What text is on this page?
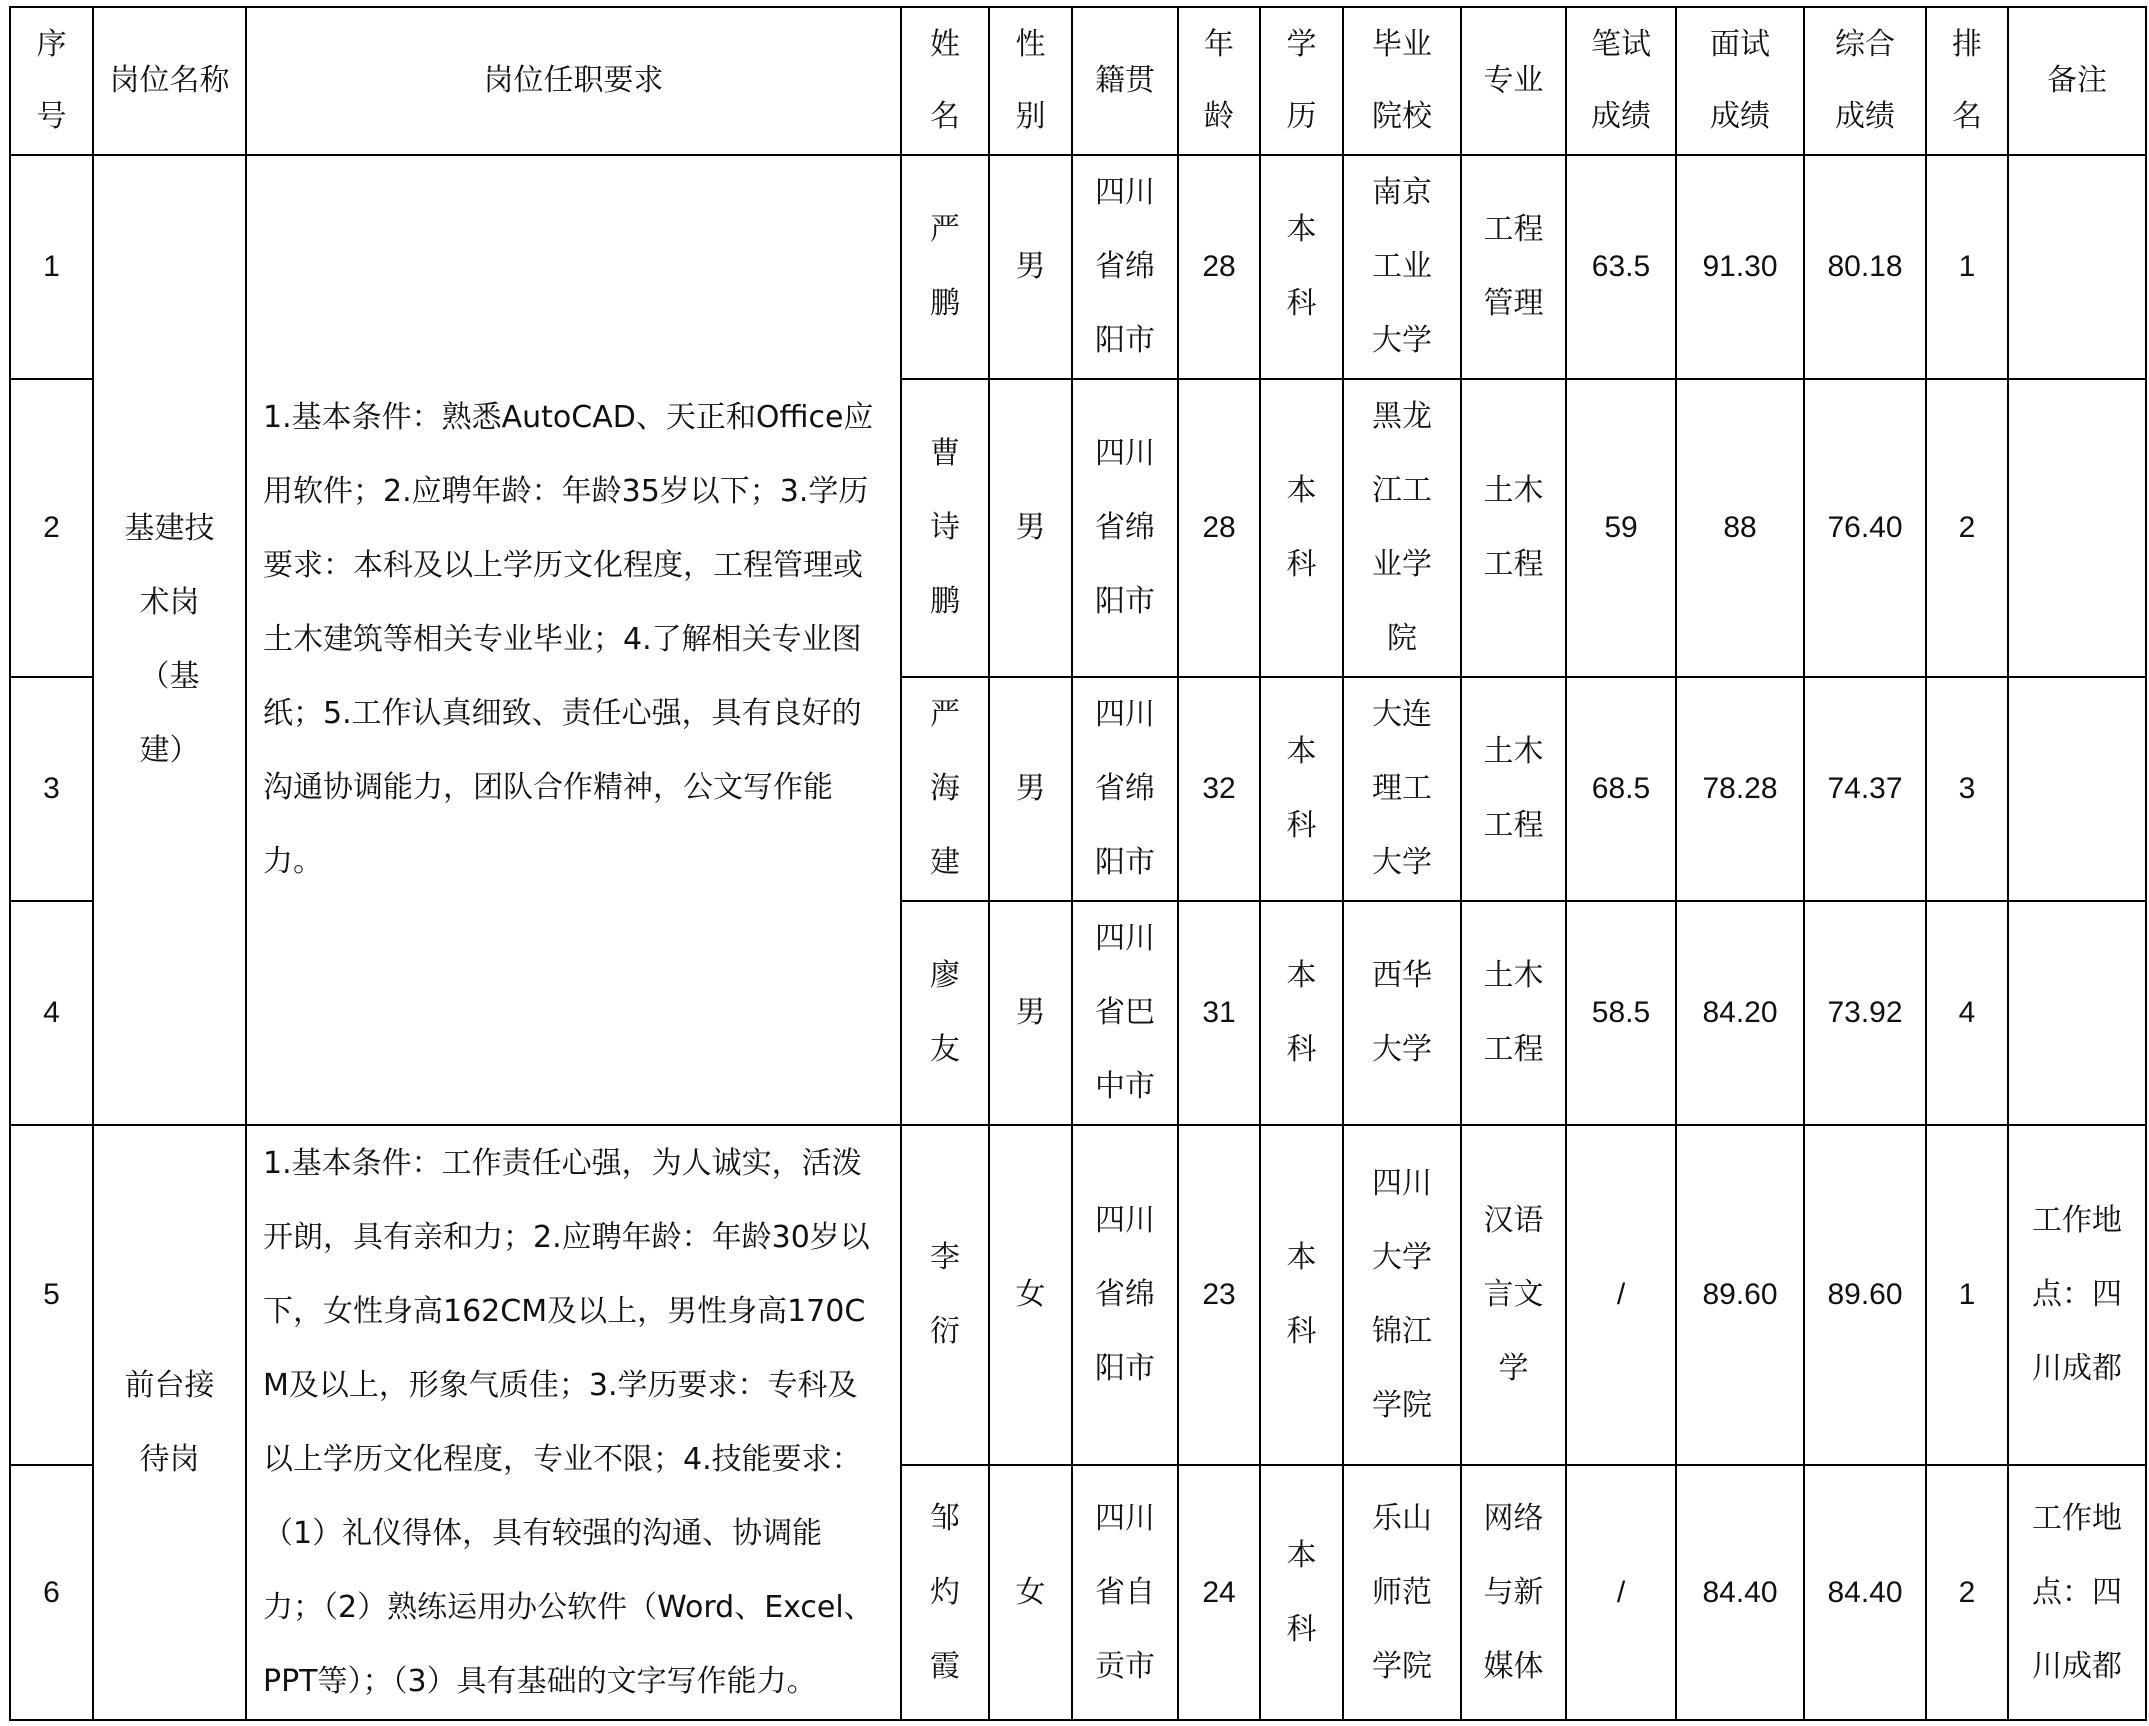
序号	岗位名称	岗位任职要求	姓名	性别	籍贯	年龄	学历	毕业院校	专业	笔试成绩	面试成绩	综合成绩	排名	备注
1	基建技术岗（基建）	1.基本条件：熟悉AutoCAD、天正和Office应用软件；2.应聘年龄：年龄35岁以下；3.学历要求：本科及以上学历文化程度，工程管理或土木建筑等相关专业毕业；4.了解相关专业图纸；5.工作认真细致、责任心强，具有良好的沟通协调能力，团队合作精神，公文写作能力。	严鹏	男	四川省绵阳市	28	本科	南京工业大学	工程管理	63.5	91.30	80.18	1	

2			曹诗鹏	男	四川省绵阳市	28	本科	黑龙江工业学院	土木工程	59	88	76.40	2	

3			严海建	男	四川省绵阳市	32	本科	大连理工大学	土木工程	68.5	78.28	74.37	3	

4			廖友	男	四川省巴中市	31	本科	西华大学	土木工程	58.5	84.20	73.92	4	

5	前台接待岗	1.基本条件：工作责任心强，为人诚实，活泼开朗，具有亲和力；2.应聘年龄：年龄30岁以下，女性身高162CM及以上，男性身高170CM及以上，形象气质佳；3.学历要求：专科及以上学历文化程度，专业不限；4.技能要求：（1）礼仪得体，具有较强的沟通、协调能力；（2）熟练运用办公软件（Word、Excel、PPT等）；（3）具有基础的文字写作能力。	李衍	女	四川省绵阳市	23	本科	四川大学锦江学院	汉语言文学	/	89.60	89.60	1	工作地点：四川成都

6			邹灼霞	女	四川省自贡市	24	本科	乐山师范学院	网络与新媒体	/	84.40	84.40	2	工作地点：四川成都
